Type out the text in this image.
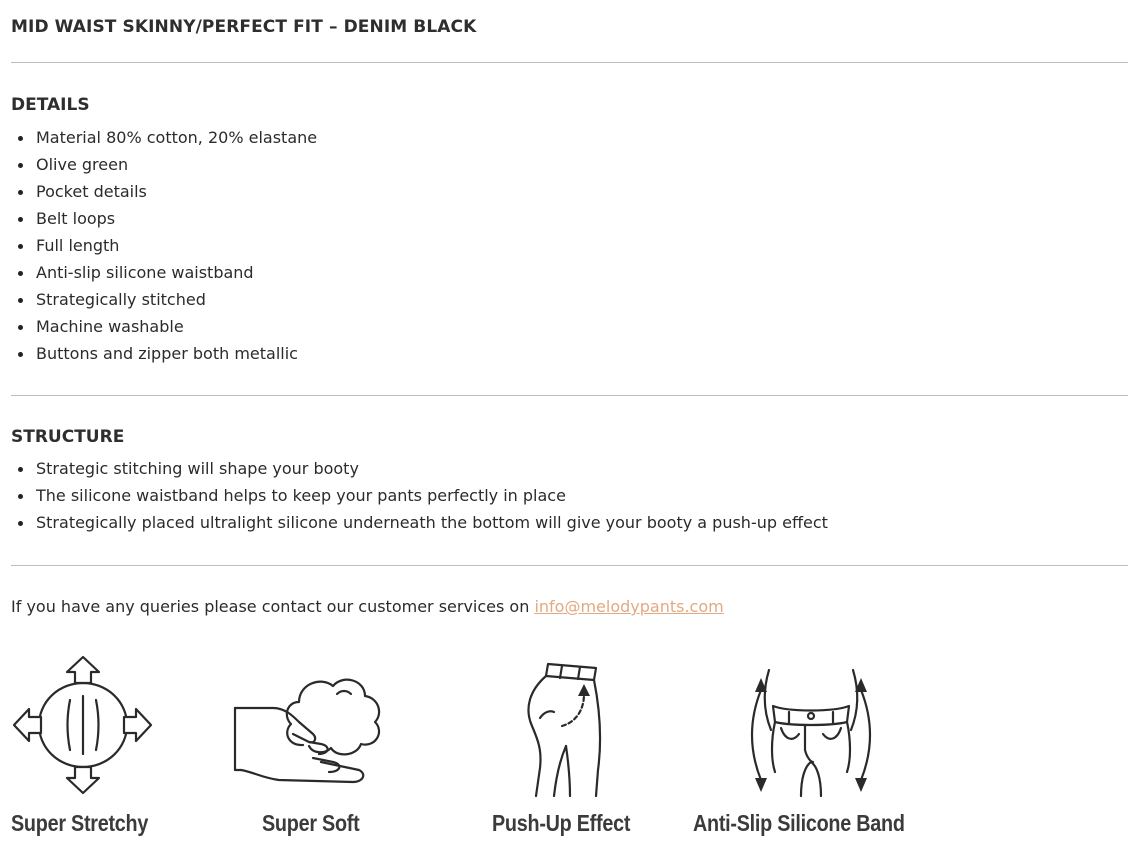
MID WAIST SKINNY/PERFECT FIT – DENIM BLACK
DETAILS
Material 80% cotton, 20% elastane
Olive green
Pocket details
Belt loops
Full length
Anti-slip silicone waistband
Strategically stitched
Machine washable
Buttons and zipper both metallic
STRUCTURE
Strategic stitching will shape your booty
The silicone waistband helps to keep your pants perfectly in place
Strategically placed ultralight silicone underneath the bottom will give your booty a push-up effect
If you have any queries please contact our customer services on info@melodypants.com
Super Stretchy	Super Soft	Push-Up Effect	Anti-Slip Silicone Band
